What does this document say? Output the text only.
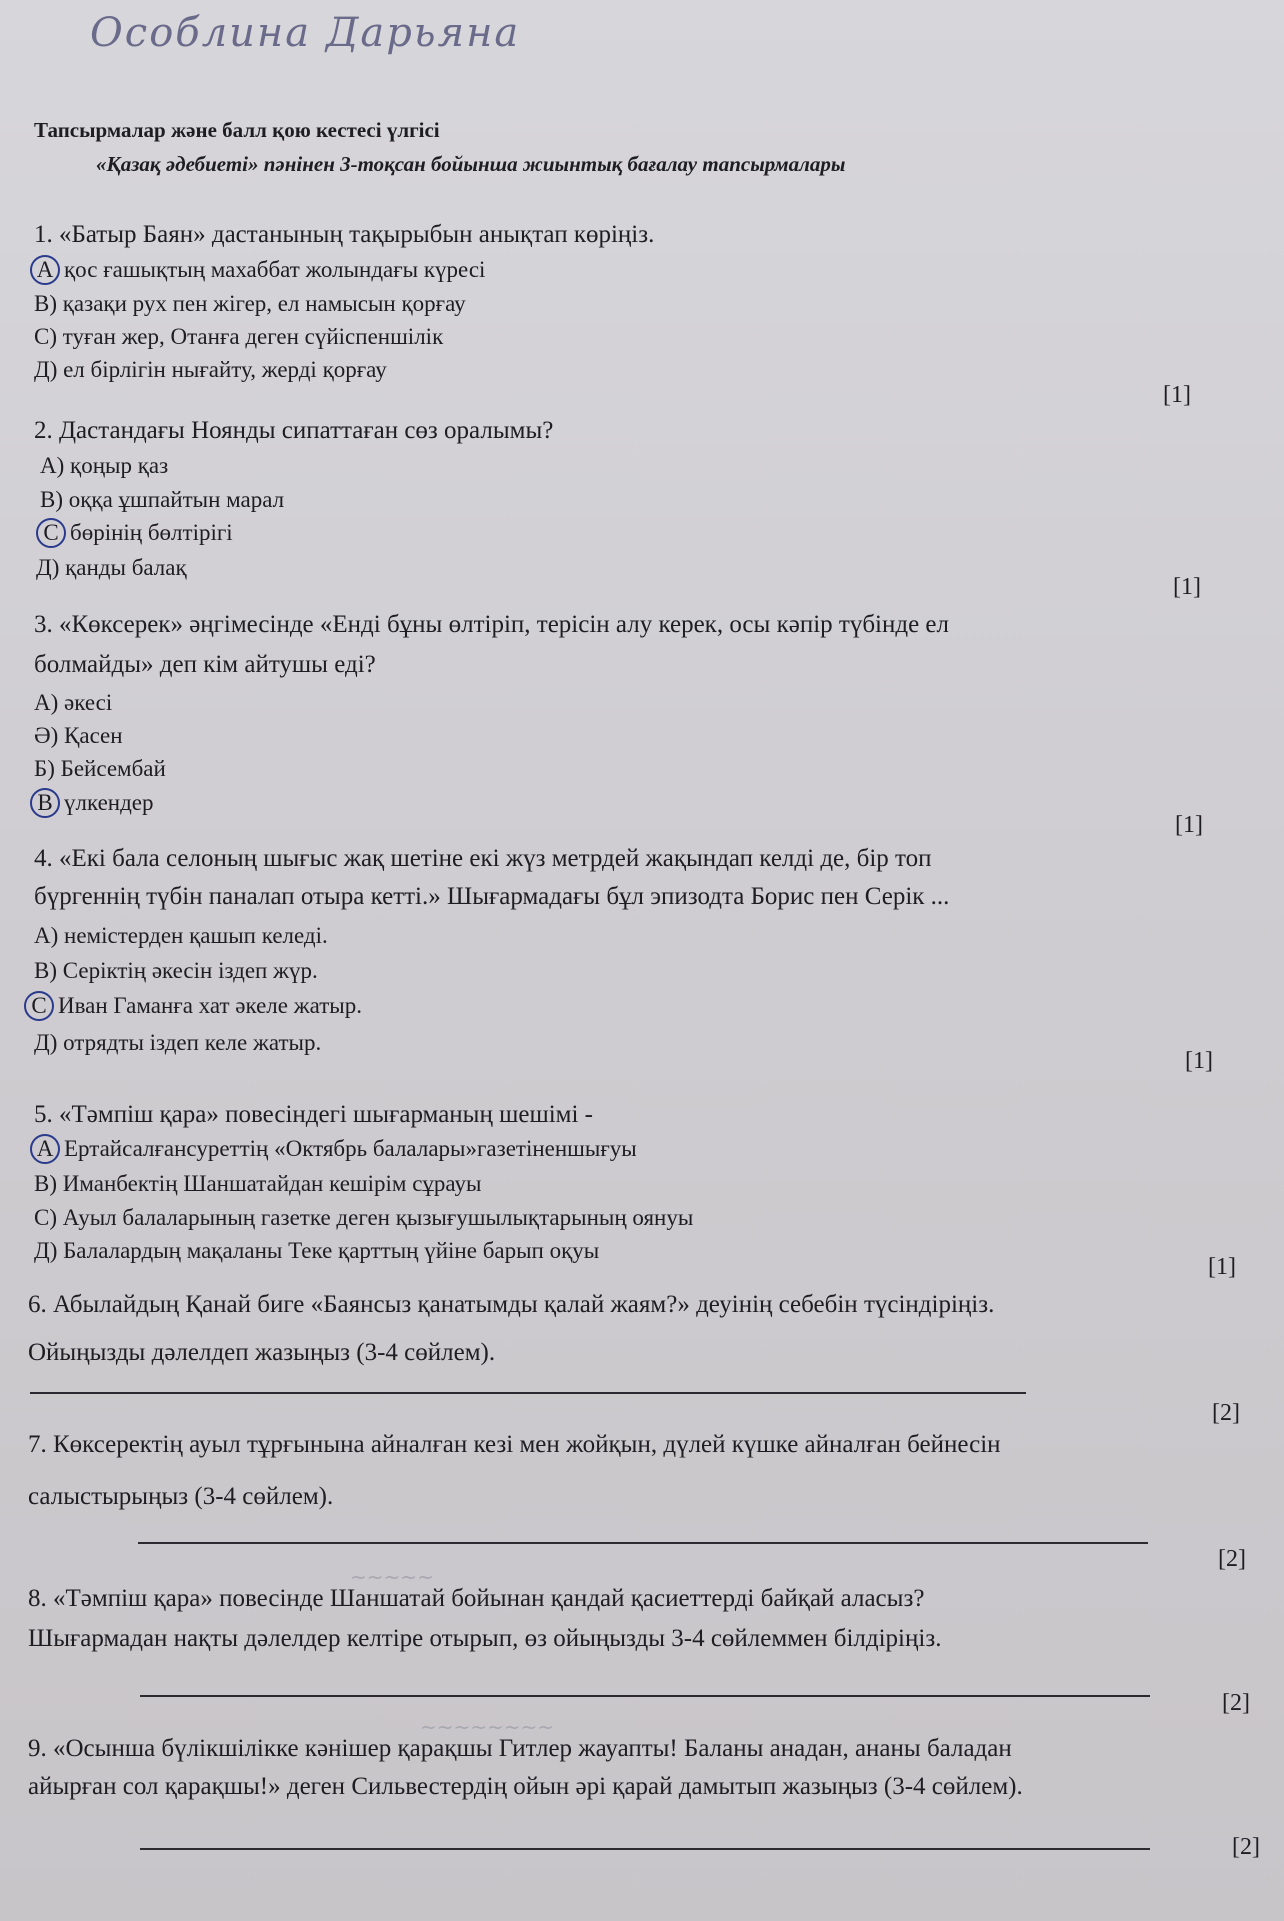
Особлина Дарьяна
Тапсырмалар және балл қою кестесі үлгісі
«Қазақ әдебиеті» пәнінен 3-тоқсан бойынша жиынтық бағалау тапсырмалары
1. «Батыр Баян» дастанының тақырыбын анықтап көріңіз.
A қос ғашықтың махаббат жолындағы күресі
В) қазақи рух пен жігер, ел намысын қорғау
С) туған жер, Отанға деген сүйіспеншілік
Д) ел бірлігін нығайту, жерді қорғау
[1]
2. Дастандағы Ноянды сипаттаған сөз оралымы?
А) қоңыр қаз
В) оққа ұшпайтын марал
C бөрінің бөлтірігі
Д) қанды балақ
[1]
3. «Көксерек» әңгімесінде «Енді бұны өлтіріп, терісін алу керек, осы кәпір түбінде ел
болмайды» деп кім айтушы еді?
А) әкесі
Ә) Қасен
Б) Бейсембай
В үлкендер
[1]
4. «Екі бала селоның шығыс жақ шетіне екі жүз метрдей жақындап келді де, бір топ
бүргеннің түбін паналап отыра кетті.» Шығармадағы бұл эпизодта Борис пен Серік ...
А) немістерден қашып келеді.
В) Серіктің әкесін іздеп жүр.
C Иван Гаманға хат әкеле жатыр.
Д) отрядты іздеп келе жатыр.
[1]
5. «Тәмпіш қара» повесіндегі шығарманың шешімі -
A Ертайсалғансуреттің «Октябрь балалары»газетіненшығуы
В) Иманбектің Шаншатайдан кешірім сұрауы
С) Ауыл балаларының газетке деген қызығушылықтарының оянуы
Д) Балалардың мақаланы Теке қарттың үйіне барып оқуы
[1]
6. Абылайдың Қанай биге «Баянсыз қанатымды қалай жаям?» деуінің себебін түсіндіріңіз.
Ойыңызды дәлелдеп жазыңыз (3-4 сөйлем).
[2]
7. Көксеректің ауыл тұрғынына айналған кезі мен жойқын, дүлей күшке айналған бейнесін
салыстырыңыз (3-4 сөйлем).
~~~~~
[2]
8. «Тәмпіш қара» повесінде Шаншатай бойынан қандай қасиеттерді байқай аласыз?
Шығармадан нақты дәлелдер келтіре отырып, өз ойыңызды 3-4 сөйлеммен білдіріңіз.
~~~~~~~~
[2]
9. «Осынша бүлікшілікке кәнішер қарақшы Гитлер жауапты! Баланы анадан, ананы баладан
айырған сол қарақшы!» деген Сильвестердің ойын әрі қарай дамытып жазыңыз (3-4 сөйлем).
[2]
